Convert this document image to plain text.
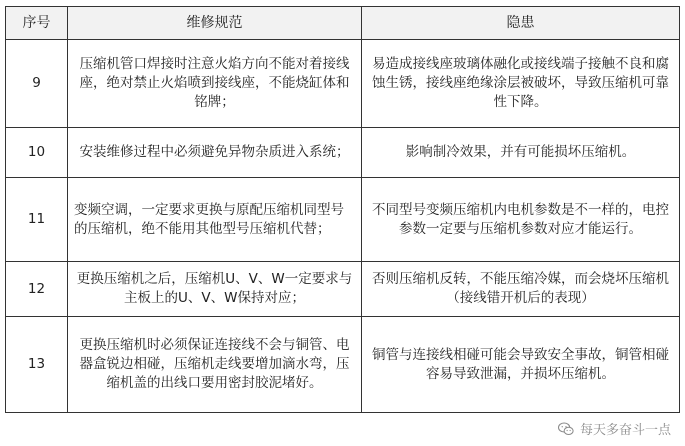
序号	维修规范	隐患
9	压缩机管口焊接时注意火焰方向不能对着接线座，绝对禁止火焰喷到接线座，不能烧缸体和铭牌；	易造成接线座玻璃体融化或接线端子接触不良和腐蚀生锈，接线座绝缘涂层被破坏，导致压缩机可靠性下降。
10	安装维修过程中必须避免异物杂质进入系统；	影响制冷效果，并有可能损坏压缩机。
11	变频空调，一定要求更换与原配压缩机同型号的压缩机，绝不能用其他型号压缩机代替；	不同型号变频压缩机内电机参数是不一样的，电控参数一定要与压缩机参数对应才能运行。
12	更换压缩机之后，压缩机U、V、W一定要求与主板上的U、V、W保持对应；	否则压缩机反转，不能压缩冷媒，而会烧坏压缩机（接线错开机后的表现）
13	更换压缩机时必须保证连接线不会与铜管、电器盒锐边相碰，压缩机走线要增加滴水弯，压缩机盖的出线口要用密封胶泥堵好。	铜管与连接线相碰可能会导致安全事故，铜管相碰容易导致泄漏，并损坏压缩机。
每天多奋斗一点
